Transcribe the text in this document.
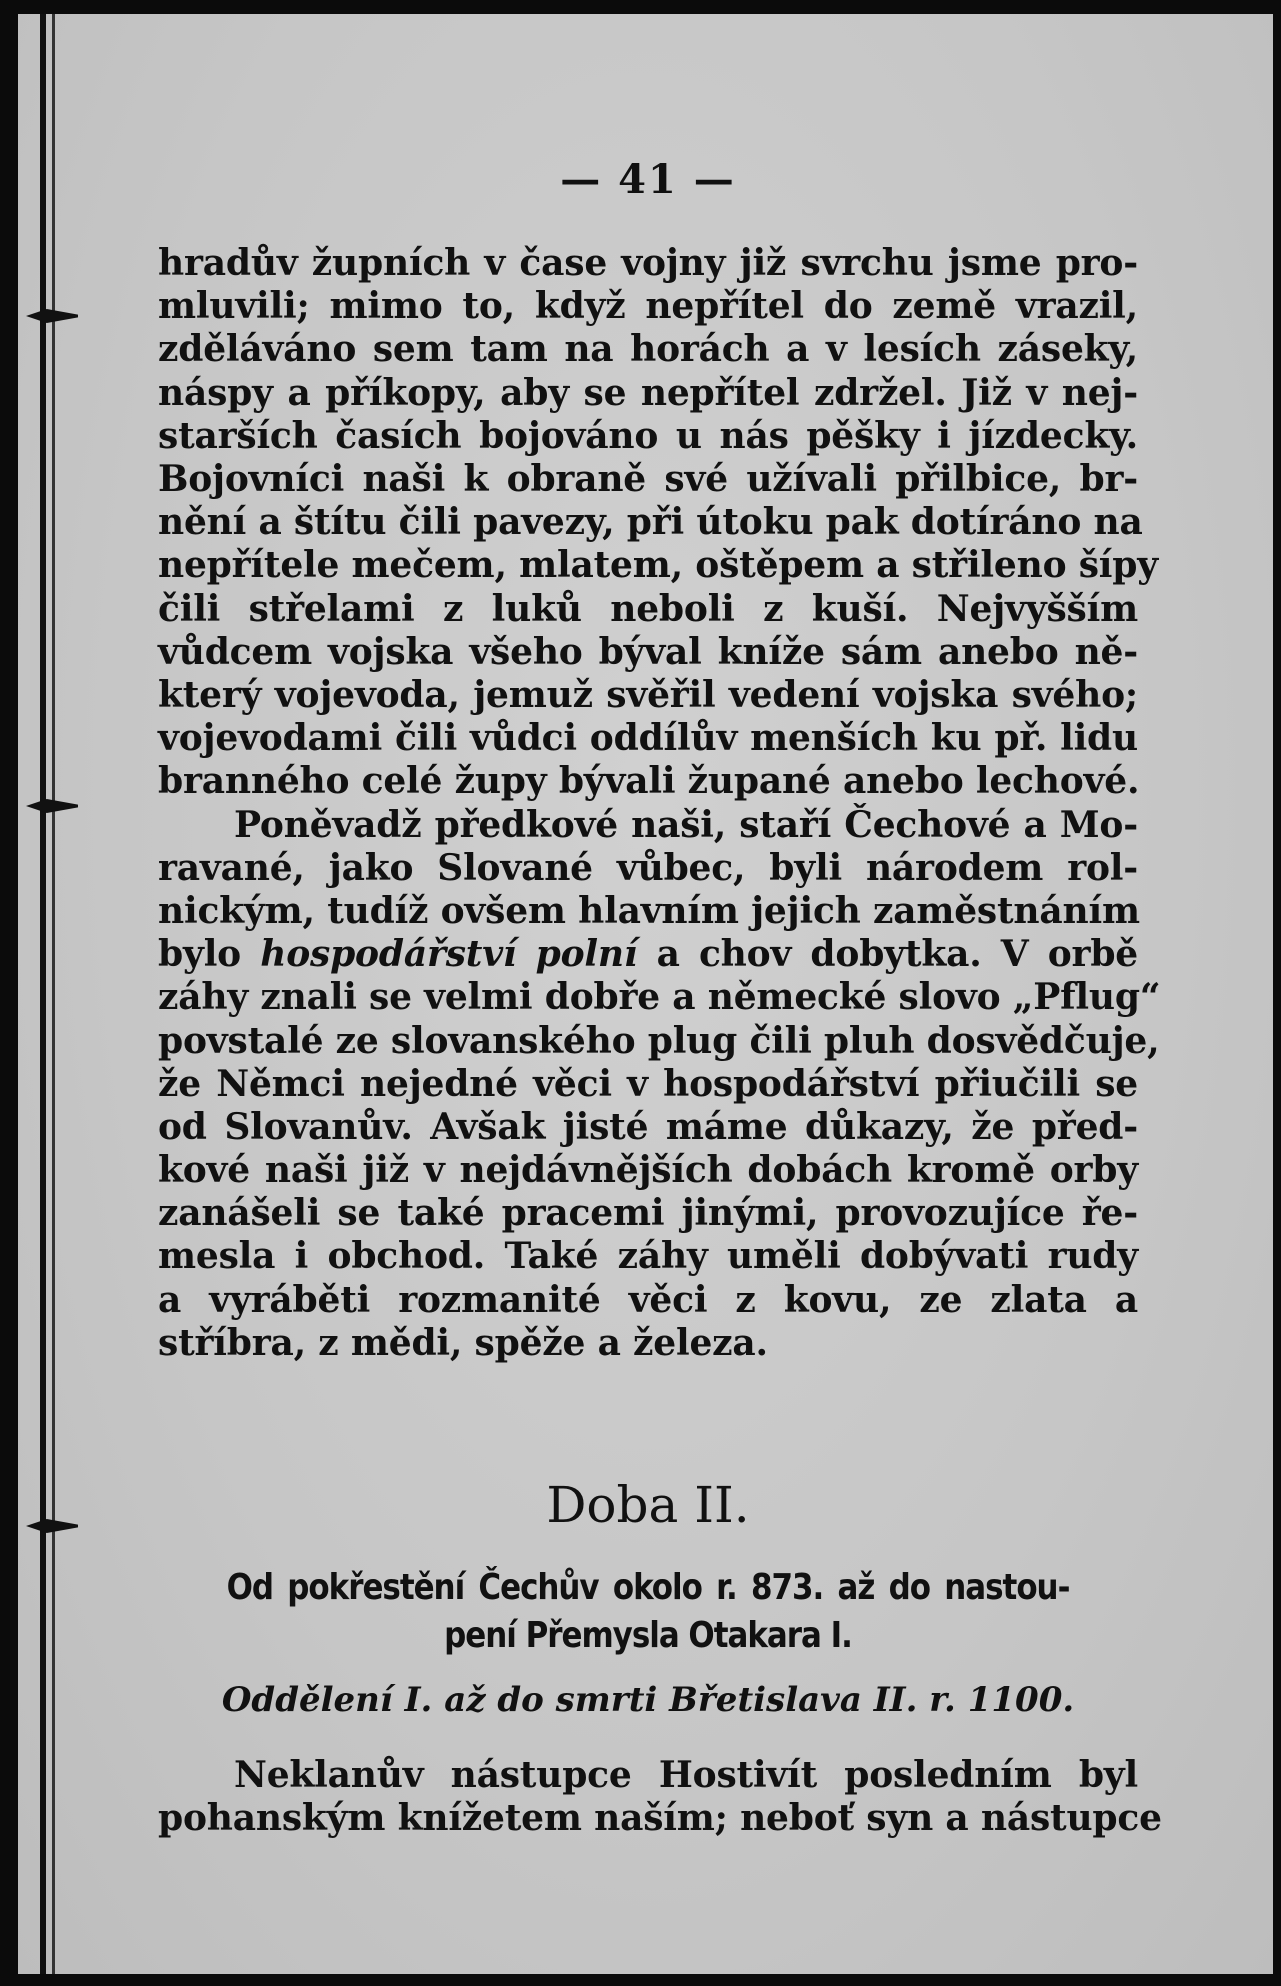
— 41 —
hradův župních v čase vojny již svrchu jsme pro-
mluvili; mimo to, když nepřítel do země vrazil,
zděláváno sem tam na horách a v lesích záseky,
náspy a příkopy, aby se nepřítel zdržel. Již v nej-
starších časích bojováno u nás pěšky i jízdecky.
Bojovníci naši k obraně své užívali přilbice, br-
nění a štítu čili pavezy, při útoku pak dotíráno na
nepřítele mečem, mlatem, oštěpem a střileno šípy
čili střelami z luků neboli z kuší. Nejvyšším
vůdcem vojska všeho býval kníže sám anebo ně-
který vojevoda, jemuž svěřil vedení vojska svého;
vojevodami čili vůdci oddílův menších ku př. lidu
branného celé župy bývali župané anebo lechové.
Poněvadž předkové naši, staří Čechové a Mo-
ravané, jako Slované vůbec, byli národem rol-
nickým, tudíž ovšem hlavním jejich zaměstnáním
bylo hospodářství polní a chov dobytka. V orbě
záhy znali se velmi dobře a německé slovo „Pflug“
povstalé ze slovanského plug čili pluh dosvědčuje,
že Němci nejedné věci v hospodářství přiučili se
od Slovanův. Avšak jisté máme důkazy, že před-
kové naši již v nejdávnějších dobách kromě orby
zanášeli se také pracemi jinými, provozujíce ře-
mesla i obchod. Také záhy uměli dobývati rudy
a vyráběti rozmanité věci z kovu, ze zlata a
stříbra, z mědi, spěže a železa.
Doba II.
Od pokřestění Čechův okolo r. 873. až do nastou-
pení Přemysla Otakara I.
Oddělení I. až do smrti Břetislava II. r. 1100.
Neklanův nástupce Hostivít posledním byl
pohanským knížetem naším; neboť syn a nástupce
